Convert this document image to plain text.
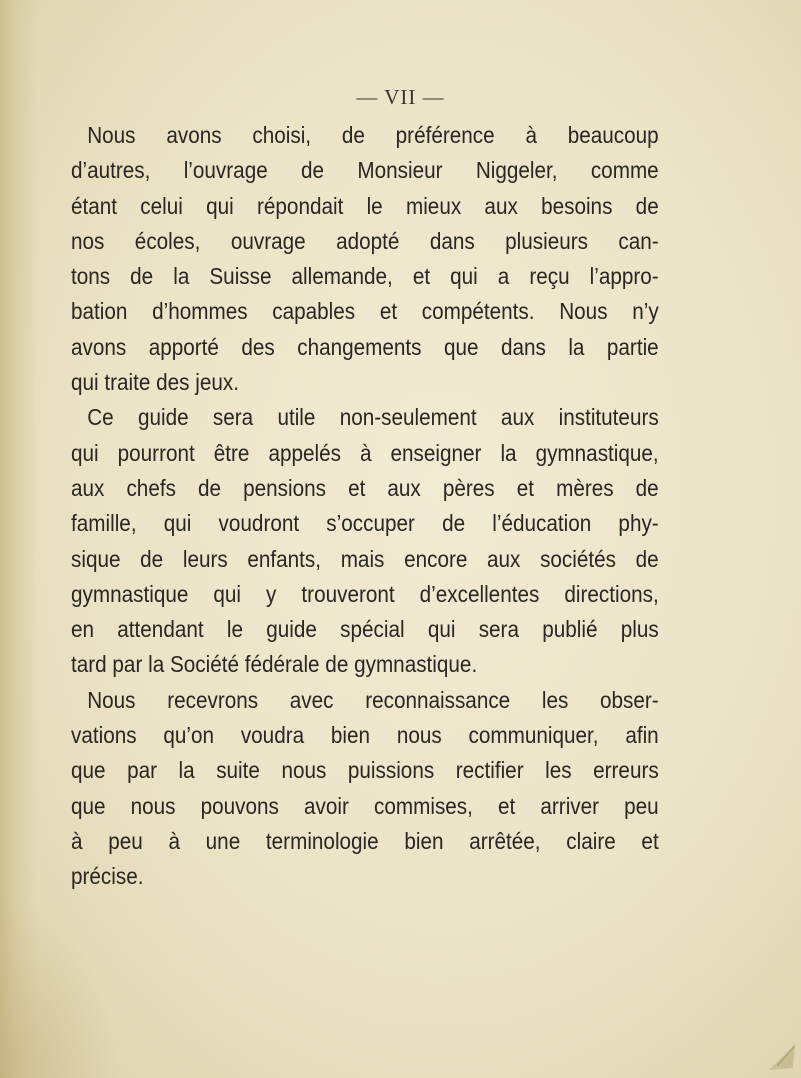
— VII —
Nous avons choisi, de préférence à beaucoup
d’autres, l’ouvrage de Monsieur Niggeler, comme
étant celui qui répondait le mieux aux besoins de
nos écoles, ouvrage adopté dans plusieurs can-
tons de la Suisse allemande, et qui a reçu l’appro-
bation d’hommes capables et compétents. Nous n’y
avons apporté des changements que dans la partie
qui traite des jeux.
Ce guide sera utile non-seulement aux instituteurs
qui pourront être appelés à enseigner la gymnastique,
aux chefs de pensions et aux pères et mères de
famille, qui voudront s’occuper de l’éducation phy-
sique de leurs enfants, mais encore aux sociétés de
gymnastique qui y trouveront d’excellentes directions,
en attendant le guide spécial qui sera publié plus
tard par la Société fédérale de gymnastique.
Nous recevrons avec reconnaissance les obser-
vations qu’on voudra bien nous communiquer, afin
que par la suite nous puissions rectifier les erreurs
que nous pouvons avoir commises, et arriver peu
à peu à une terminologie bien arrêtée, claire et
précise.
